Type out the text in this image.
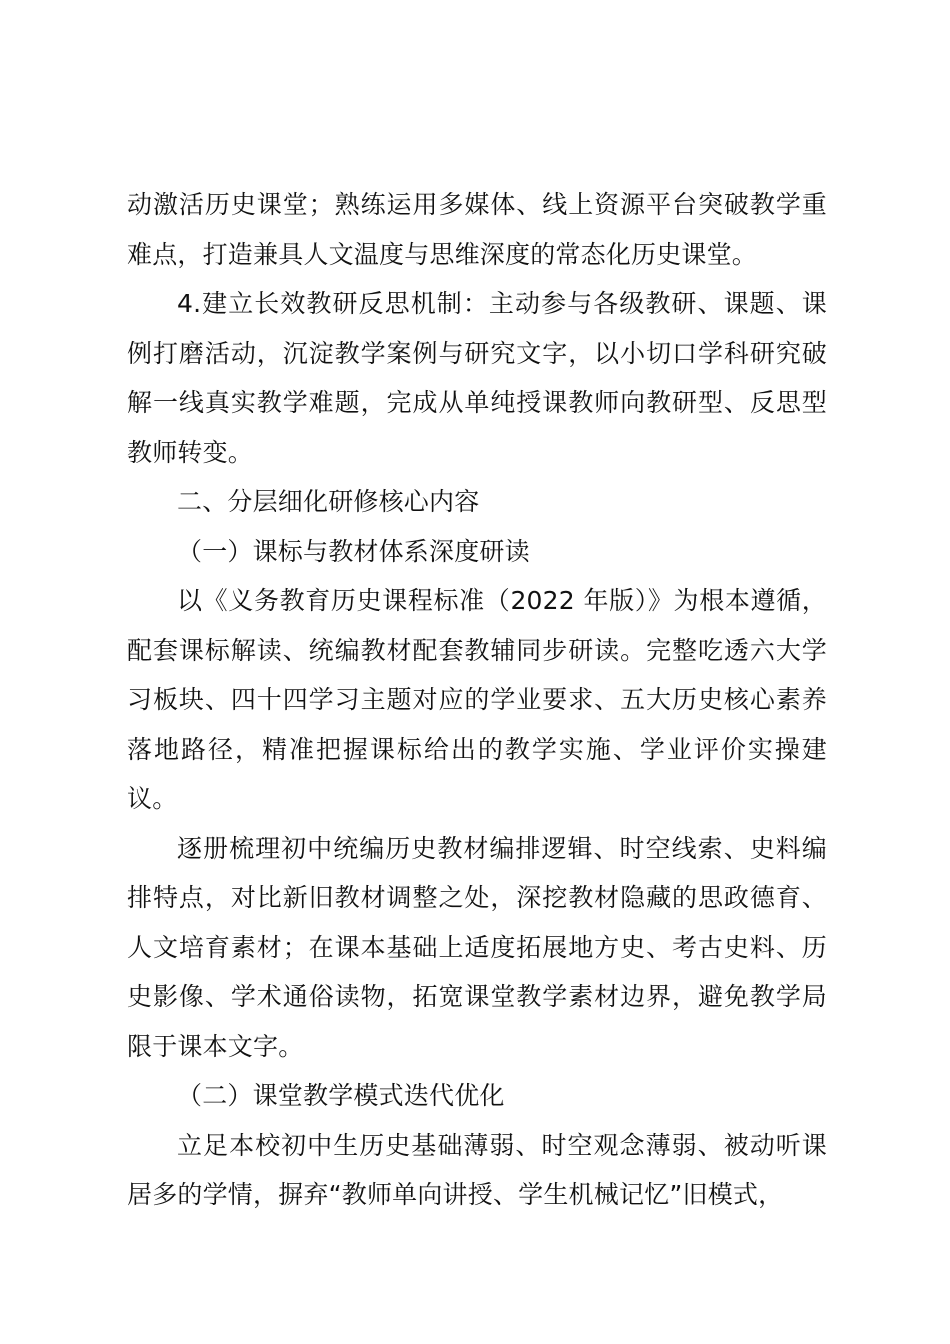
动激活历史课堂；熟练运用多媒体、线上资源平台突破教学重难点，打造兼具人文温度与思维深度的常态化历史课堂。

4.建立长效教研反思机制：主动参与各级教研、课题、课例打磨活动，沉淀教学案例与研究文字，以小切口学科研究破解一线真实教学难题，完成从单纯授课教师向教研型、反思型教师转变。

二、分层细化研修核心内容

（一）课标与教材体系深度研读

以《义务教育历史课程标准（2022 年版）》为根本遵循，配套课标解读、统编教材配套教辅同步研读。完整吃透六大学习板块、四十四学习主题对应的学业要求、五大历史核心素养落地路径，精准把握课标给出的教学实施、学业评价实操建议。

逐册梳理初中统编历史教材编排逻辑、时空线索、史料编排特点，对比新旧教材调整之处，深挖教材隐藏的思政德育、人文培育素材；在课本基础上适度拓展地方史、考古史料、历史影像、学术通俗读物，拓宽课堂教学素材边界，避免教学局限于课本文字。

（二）课堂教学模式迭代优化

立足本校初中生历史基础薄弱、时空观念薄弱、被动听课居多的学情，摒弃“教师单向讲授、学生机械记忆”旧模式，
